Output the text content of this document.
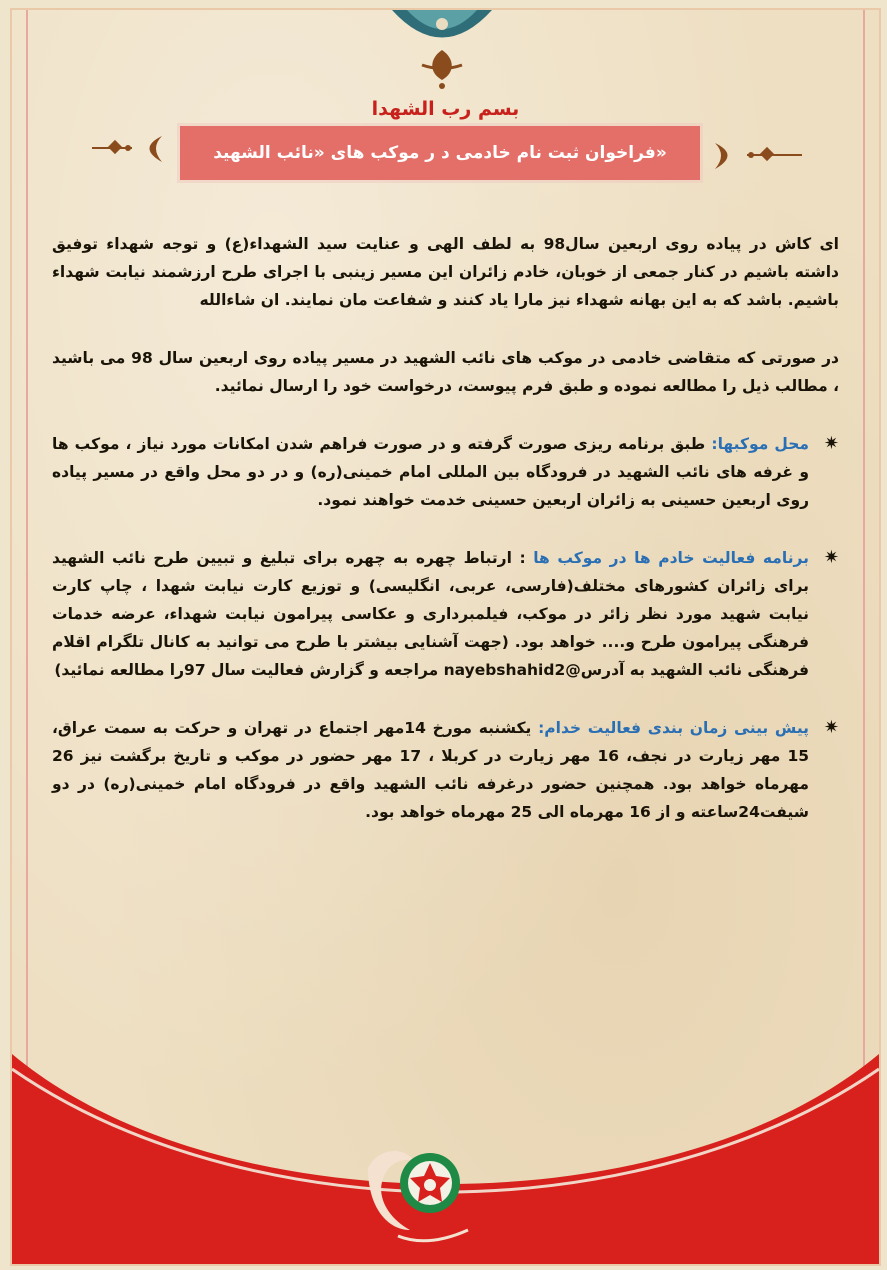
بسم رب الشهدا
فراخوان ثبت نام خادمی د ر موکب های «نائب الشهید»

ای کاش در پیاده روی اربعین سال98 به لطف الهی و عنایت سید الشهداء(ع) و توجه شهداء توفیق داشته باشیم در کنار جمعی از خوبان، خادم زائران این مسیر زینبی با اجرای طرح ارزشمند نیابت شهداء باشیم. باشد که به این بهانه شهداء نیز مارا یاد کنند و شفاعت مان نمایند. ان شاءالله

در صورتی که متقاضی خادمی در موکب های نائب الشهید در مسیر پیاده روی اربعین سال 98 می باشید ، مطالب ذیل را مطالعه نموده و طبق فرم پیوست، درخواست خود را ارسال نمائید.

✷
محل موکبها: طبق برنامه ریزی صورت گرفته و در صورت فراهم شدن امکانات مورد نیاز ، موکب ها و غرفه های نائب الشهید در فرودگاه بین المللی امام خمینی(ره) و در دو محل واقع در مسیر پیاده روی اربعین حسینی به زائران اربعین حسینی خدمت خواهند نمود.
✷
برنامه فعالیت خادم ها در موکب ها : ارتباط چهره به چهره برای تبلیغ و تبیین طرح نائب الشهید برای زائران کشورهای مختلف(فارسی، عربی، انگلیسی) و توزیع کارت نیابت شهدا ، چاپ کارت نیابت شهید مورد نظر زائر در موکب، فیلمبرداری و عکاسی پیرامون نیابت شهداء، عرضه خدمات فرهنگی پیرامون طرح و.... خواهد بود. (جهت آشنایی بیشتر با طرح می توانید به کانال تلگرام اقلام فرهنگی نائب الشهید به آدرس@nayebshahid2 مراجعه و گزارش فعالیت سال 97را مطالعه نمائید)
✷
پیش بینی زمان بندی فعالیت خدام: یکشنبه مورخ 14مهر اجتماع در تهران و حرکت به سمت عراق، 15 مهر زیارت در نجف، 16 مهر زیارت در کربلا ، 17 مهر حضور در موکب و تاریخ برگشت نیز 26 مهرماه خواهد بود. همچنین حضور درغرفه نائب الشهید واقع در فرودگاه امام خمینی(ره) در دو شیفت24ساعته و از 16 مهرماه الی 25 مهرماه خواهد بود.
